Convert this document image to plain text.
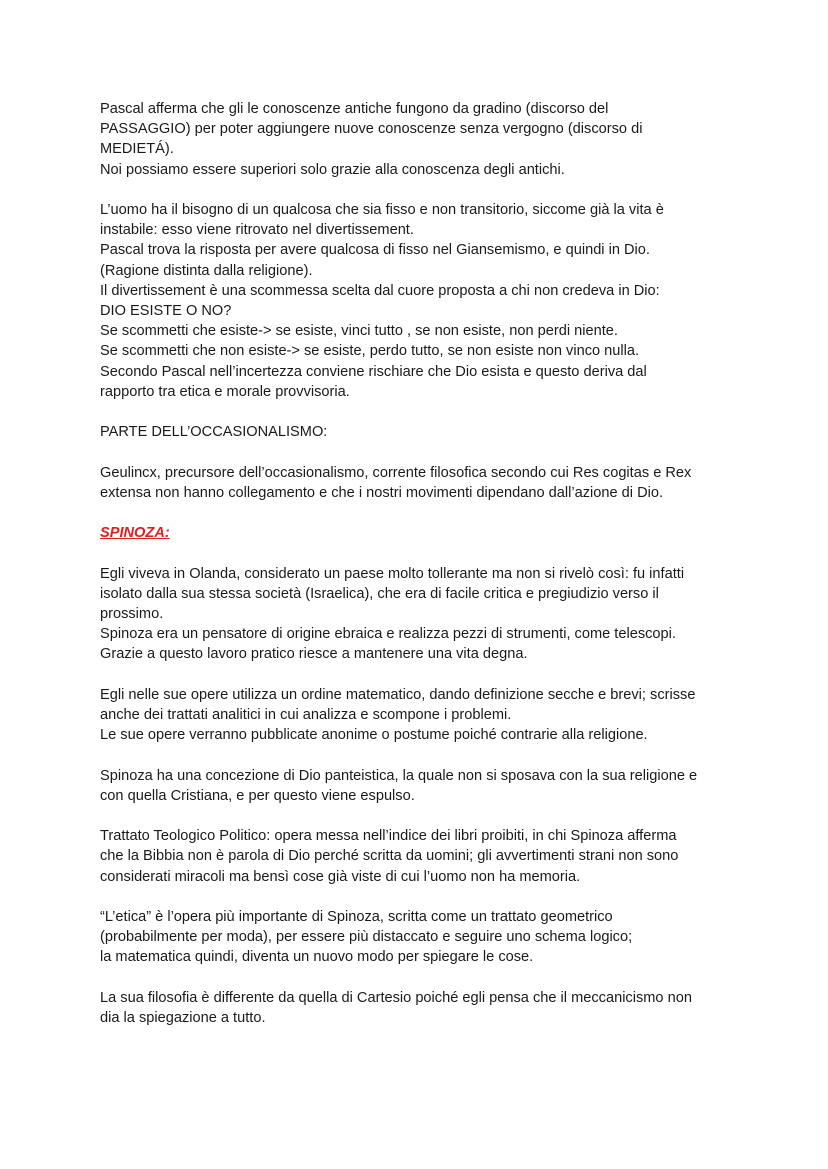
Pascal afferma che gli le conoscenze antiche fungono da gradino (discorso del
PASSAGGIO) per poter aggiungere nuove conoscenze senza vergogno (discorso di
MEDIETÁ).
Noi possiamo essere superiori solo grazie alla conoscenza degli antichi.
L’uomo ha il bisogno di un qualcosa che sia fisso e non transitorio, siccome già la vita è
instabile: esso viene ritrovato nel divertissement.
Pascal trova la risposta per avere qualcosa di fisso nel Giansemismo, e quindi in Dio.
(Ragione distinta dalla religione).
Il divertissement è una scommessa scelta dal cuore proposta a chi non credeva in Dio:
DIO ESISTE O NO?
Se scommetti che esiste-> se esiste, vinci tutto , se non esiste, non perdi niente.
Se scommetti che non esiste-> se esiste, perdo tutto, se non esiste non vinco nulla.
Secondo Pascal nell’incertezza conviene rischiare che Dio esista e questo deriva dal
rapporto tra etica e morale provvisoria.
PARTE DELL’OCCASIONALISMO:
Geulincx, precursore dell’occasionalismo, corrente filosofica secondo cui Res cogitas e Rex
extensa non hanno collegamento e che i nostri movimenti dipendano dall’azione di Dio.
SPINOZA:
Egli viveva in Olanda, considerato un paese molto tollerante ma non si rivelò così: fu infatti
isolato dalla sua stessa società (Israelica), che era di facile critica e pregiudizio verso il
prossimo.
Spinoza era un pensatore di origine ebraica e realizza pezzi di strumenti, come telescopi.
Grazie a questo lavoro pratico riesce a mantenere una vita degna.
Egli nelle sue opere utilizza un ordine matematico, dando definizione secche e brevi; scrisse
anche dei trattati analitici in cui analizza e scompone i problemi.
Le sue opere verranno pubblicate anonime o postume poiché contrarie alla religione.
Spinoza ha una concezione di Dio panteistica, la quale non si sposava con la sua religione e
con quella Cristiana, e per questo viene espulso.
Trattato Teologico Politico: opera messa nell’indice dei libri proibiti, in chi Spinoza afferma
che la Bibbia non è parola di Dio perché scritta da uomini; gli avvertimenti strani non sono
considerati miracoli ma bensì cose già viste di cui l’uomo non ha memoria.
“L’etica” è l’opera più importante di Spinoza, scritta come un trattato geometrico
(probabilmente per moda), per essere più distaccato e seguire uno schema logico;
la matematica quindi, diventa un nuovo modo per spiegare le cose.
La sua filosofia è differente da quella di Cartesio poiché egli pensa che il meccanicismo non
dia la spiegazione a tutto.
